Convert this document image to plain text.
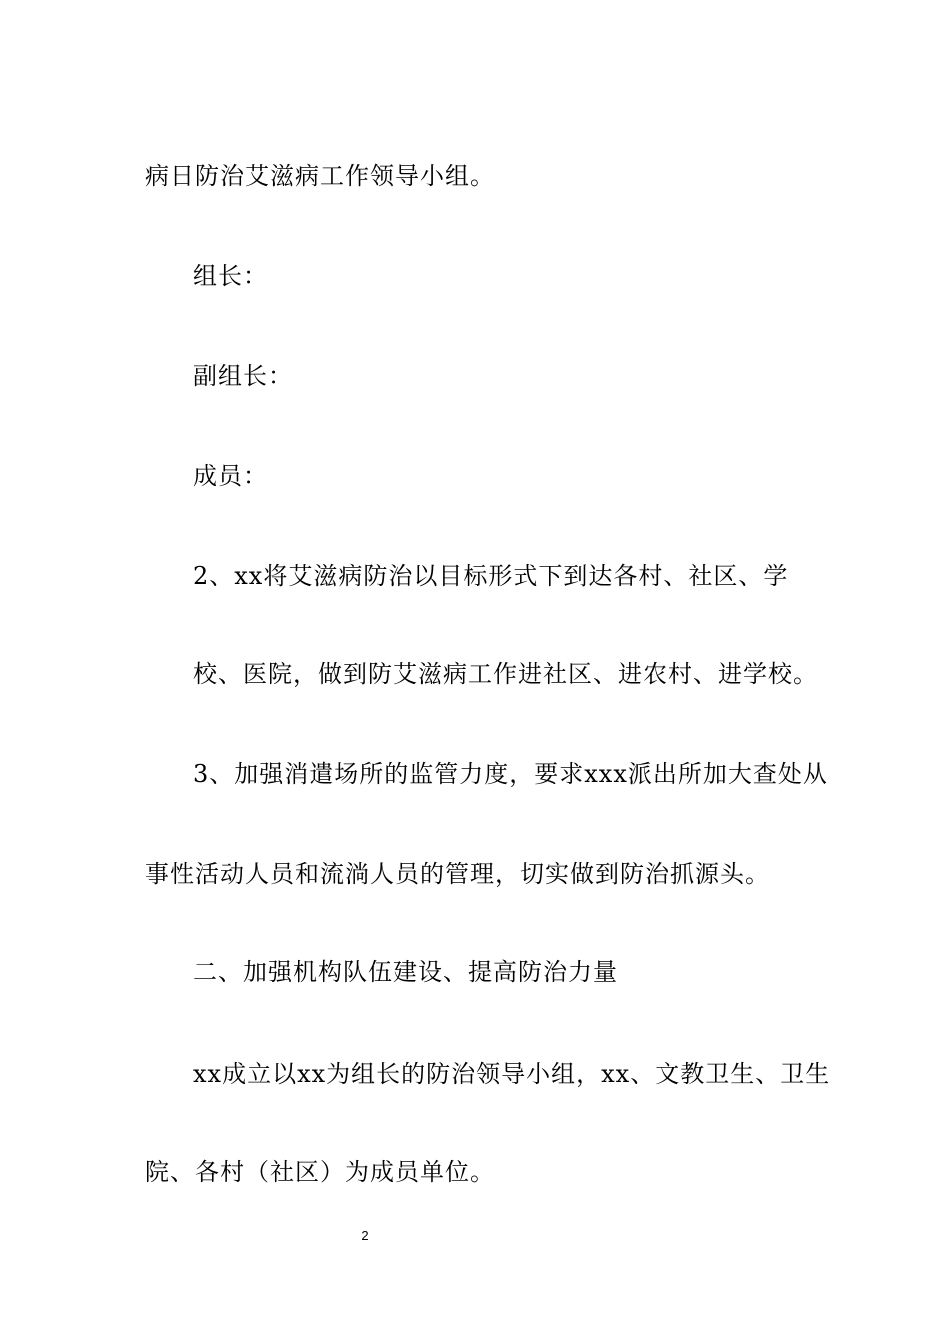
病日防治艾滋病工作领导小组。

组长：

副组长：

成员：

2、xx将艾滋病防治以目标形式下到达各村、社区、学

校、医院，做到防艾滋病工作进社区、进农村、进学校。

3、加强消遣场所的监管力度，要求xxx派出所加大查处从

事性活动人员和流淌人员的管理，切实做到防治抓源头。

二、加强机构队伍建设、提高防治力量

xx成立以xx为组长的防治领导小组，xx、文教卫生、卫生

院、各村（社区）为成员单位。

2
